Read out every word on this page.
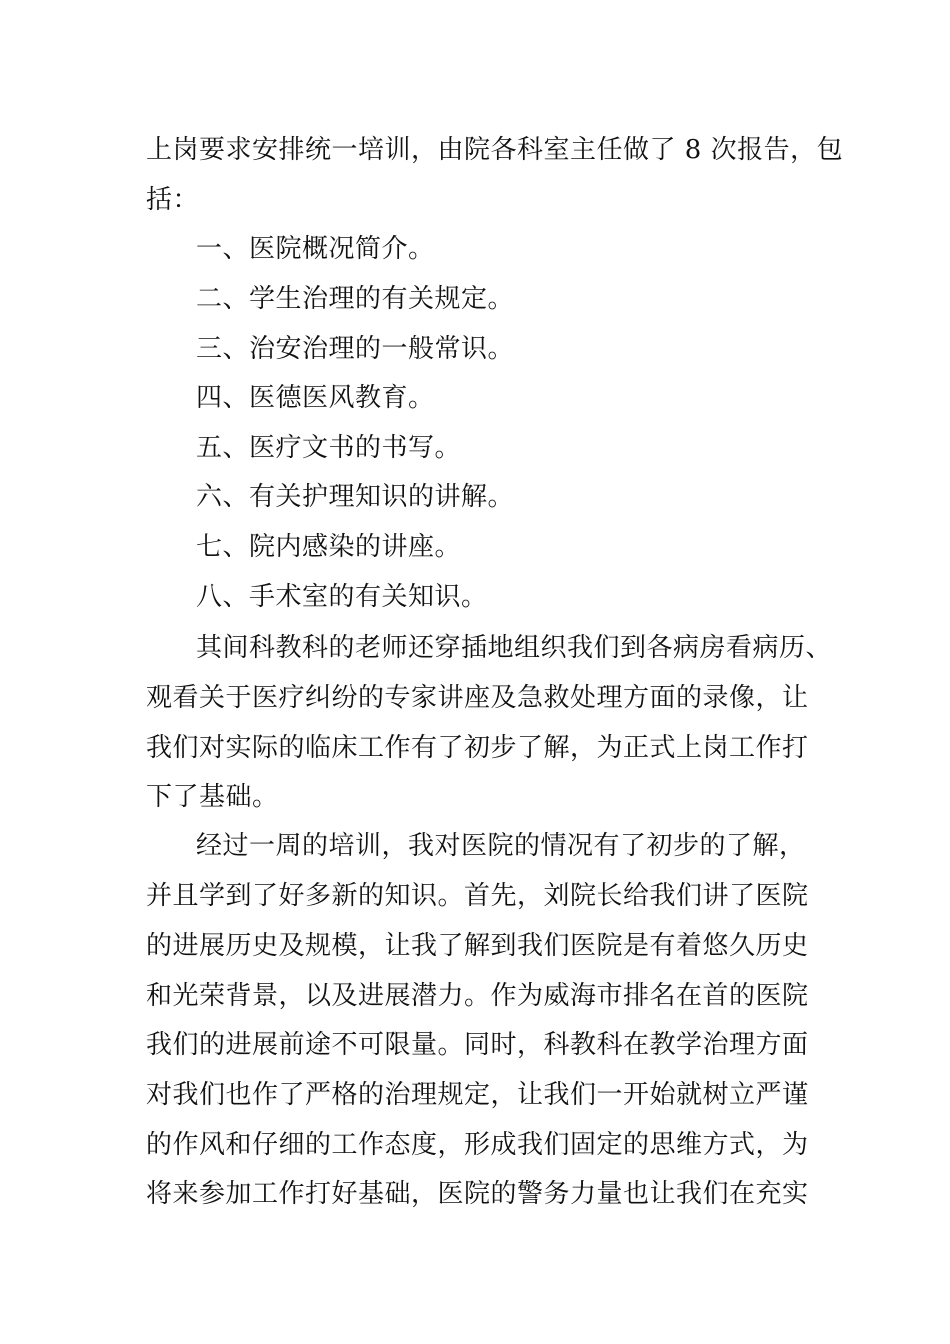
上岗要求安排统一培训，由院各科室主任做了 8 次报告，包
括：
一、医院概况简介。
二、学生治理的有关规定。
三、治安治理的一般常识。
四、医德医风教育。
五、医疗文书的书写。
六、有关护理知识的讲解。
七、院内感染的讲座。
八、手术室的有关知识。
其间科教科的老师还穿插地组织我们到各病房看病历、
观看关于医疗纠纷的专家讲座及急救处理方面的录像，让
我们对实际的临床工作有了初步了解，为正式上岗工作打
下了基础。
经过一周的培训，我对医院的情况有了初步的了解，
并且学到了好多新的知识。首先，刘院长给我们讲了医院
的进展历史及规模，让我了解到我们医院是有着悠久历史
和光荣背景，以及进展潜力。作为威海市排名在首的医院
我们的进展前途不可限量。同时，科教科在教学治理方面
对我们也作了严格的治理规定，让我们一开始就树立严谨
的作风和仔细的工作态度，形成我们固定的思维方式，为
将来参加工作打好基础，医院的警务力量也让我们在充实
